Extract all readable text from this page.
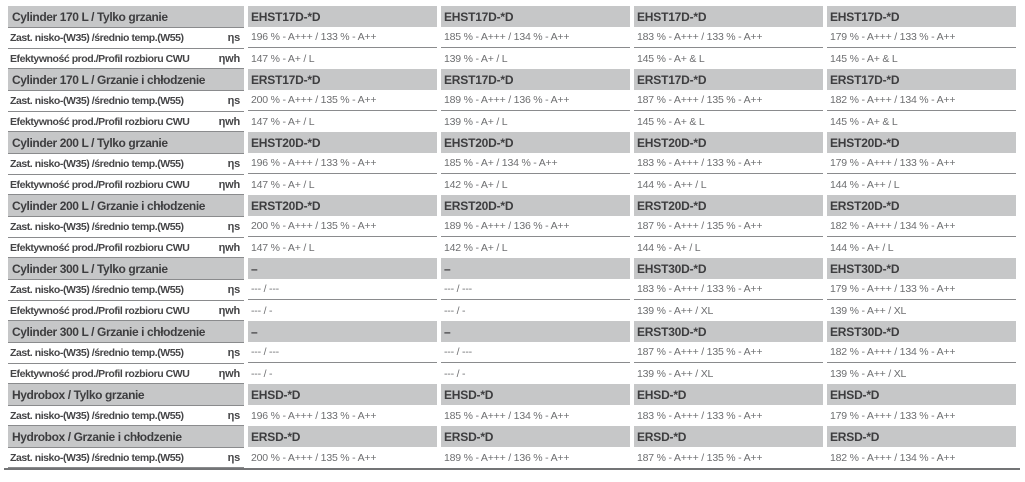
Cylinder 170 L / Tylko grzanie	EHST17D-*D	EHST17D-*D	EHST17D-*D	EHST17D-*D

Zast. nisko-(W35) /średnio temp.(W55) ηs	196 % - A+++ / 133 % - A++	185 % - A+++ / 134 % - A++	183 % - A+++ / 133 % - A++	179 % - A+++ / 133 % - A++

Efektywność prod./Profil rozbioru CWU ηwh	147 % - A+ / L	139 % - A+ / L	145 % - A+ & L	145 % - A+ & L
Cylinder 170 L / Grzanie i chłodzenie	ERST17D-*D	ERST17D-*D	ERST17D-*D	ERST17D-*D

Zast. nisko-(W35) /średnio temp.(W55) ηs	200 % - A+++ / 135 % - A++	189 % - A+++ / 136 % - A++	187 % - A+++ / 135 % - A++	182 % - A+++ / 134 % - A++

Efektywność prod./Profil rozbioru CWU ηwh	147 % - A+ / L	139 % - A+ / L	145 % - A+ & L	145 % - A+ & L
Cylinder 200 L / Tylko grzanie	EHST20D-*D	EHST20D-*D	EHST20D-*D	EHST20D-*D

Zast. nisko-(W35) /średnio temp.(W55) ηs	196 % - A+++ / 133 % - A++	185 % - A+ / 134 % - A++	183 % - A+++ / 133 % - A++	179 % - A+++ / 133 % - A++

Efektywność prod./Profil rozbioru CWU ηwh	147 % - A+ / L	142 % - A+ / L	144 % - A++ / L	144 % - A++ / L
Cylinder 200 L / Grzanie i chłodzenie	ERST20D-*D	ERST20D-*D	ERST20D-*D	ERST20D-*D

Zast. nisko-(W35) /średnio temp.(W55) ηs	200 % - A+++ / 135 % - A++	189 % - A+++ / 136 % - A++	187 % - A+++ / 135 % - A++	182 % - A+++ / 134 % - A++

Efektywność prod./Profil rozbioru CWU ηwh	147 % - A+ / L	142 % - A+ / L	144 % - A+ / L	144 % - A+ / L
Cylinder 300 L / Tylko grzanie	–	–	EHST30D-*D	EHST30D-*D

Zast. nisko-(W35) /średnio temp.(W55) ηs	--- / ---	--- / ---	183 % - A+++ / 133 % - A++	179 % - A+++ / 133 % - A++

Efektywność prod./Profil rozbioru CWU ηwh	--- / -	--- / -	139 % - A++ / XL	139 % - A++ / XL
Cylinder 300 L / Grzanie i chłodzenie	–	–	ERST30D-*D	ERST30D-*D

Zast. nisko-(W35) /średnio temp.(W55) ηs	--- / ---	--- / ---	187 % - A+++ / 135 % - A++	182 % - A+++ / 134 % - A++

Efektywność prod./Profil rozbioru CWU ηwh	--- / -	--- / -	139 % - A++ / XL	139 % - A++ / XL
Hydrobox / Tylko grzanie	EHSD-*D	EHSD-*D	EHSD-*D	EHSD-*D

Zast. nisko-(W35) /średnio temp.(W55) ηs	196 % - A+++ / 133 % - A++	185 % - A+++ / 134 % - A++	183 % - A+++ / 133 % - A++	179 % - A+++ / 133 % - A++
Hydrobox / Grzanie i chłodzenie	ERSD-*D	ERSD-*D	ERSD-*D	ERSD-*D

Zast. nisko-(W35) /średnio temp.(W55) ηs	200 % - A+++ / 135 % - A++	189 % - A+++ / 136 % - A++	187 % - A+++ / 135 % - A++	182 % - A+++ / 134 % - A++
